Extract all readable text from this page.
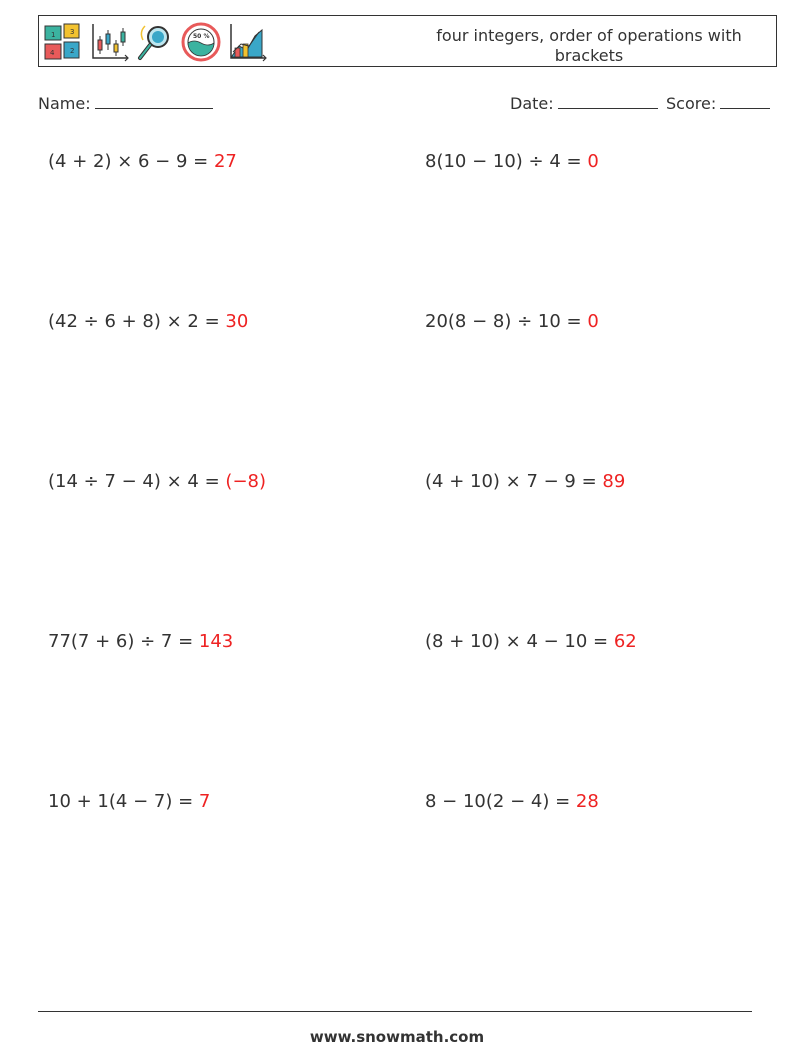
1 3
4 2
50 %	four integers, order of operations with brackets
Name:	Date:	Score:
(4 + 2) × 6 − 9 = 27	8(10 − 10) ÷ 4 = 0
(42 ÷ 6 + 8) × 2 = 30	20(8 − 8) ÷ 10 = 0
(14 ÷ 7 − 4) × 4 = (−8)	(4 + 10) × 7 − 9 = 89
77(7 + 6) ÷ 7 = 143	(8 + 10) × 4 − 10 = 62
10 + 1(4 − 7) = 7	8 − 10(2 − 4) = 28
www.snowmath.com
